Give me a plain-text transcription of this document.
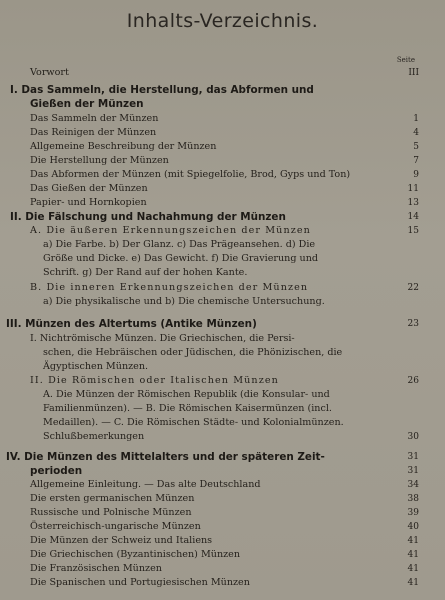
Inhalts-Verzeichnis.
Seite
Vorwort	III
I. Das Sammeln, die Herstellung, das Abformen und
Gießen der Münzen
Das Sammeln der Münzen	1
Das Reinigen der Münzen	4
Allgemeine Beschreibung der Münzen	5
Die Herstellung der Münzen	7
Das Abformen der Münzen (mit Spiegelfolie, Brod, Gyps und Ton)	9
Das Gießen der Münzen	11
Papier- und Hornkopien	13
II. Die Fälschung und Nachahmung der Münzen	14
A. Die äußeren Erkennungszeichen der Münzen	15
a) Die Farbe. b) Der Glanz. c) Das Prägeansehen. d) Die
Größe und Dicke. e) Das Gewicht. f) Die Gravierung und
Schrift. g) Der Rand auf der hohen Kante.
B. Die inneren Erkennungszeichen der Münzen	22
a) Die physikalische und b) Die chemische Untersuchung.
III. Münzen des Altertums (Antike Münzen)	23
I. Nichtrömische Münzen. Die Griechischen, die Persi-
schen, die Hebräischen oder Jüdischen, die Phönizischen, die
Ägyptischen Münzen.
II. Die Römischen oder Italischen Münzen	26
A. Die Münzen der Römischen Republik (die Konsular- und
Familienmünzen). — B. Die Römischen Kaisermünzen (incl.
Medaillen). — C. Die Römischen Städte- und Kolonialmünzen.
Schlußbemerkungen	30
IV. Die Münzen des Mittelalters und der späteren Zeit-	31
perioden	31
Allgemeine Einleitung. — Das alte Deutschland	34
Die ersten germanischen Münzen	38
Russische und Polnische Münzen	39
Österreichisch-ungarische Münzen	40
Die Münzen der Schweiz und Italiens	41
Die Griechischen (Byzantinischen) Münzen	41
Die Französischen Münzen	41
Die Spanischen und Portugiesischen Münzen	41
